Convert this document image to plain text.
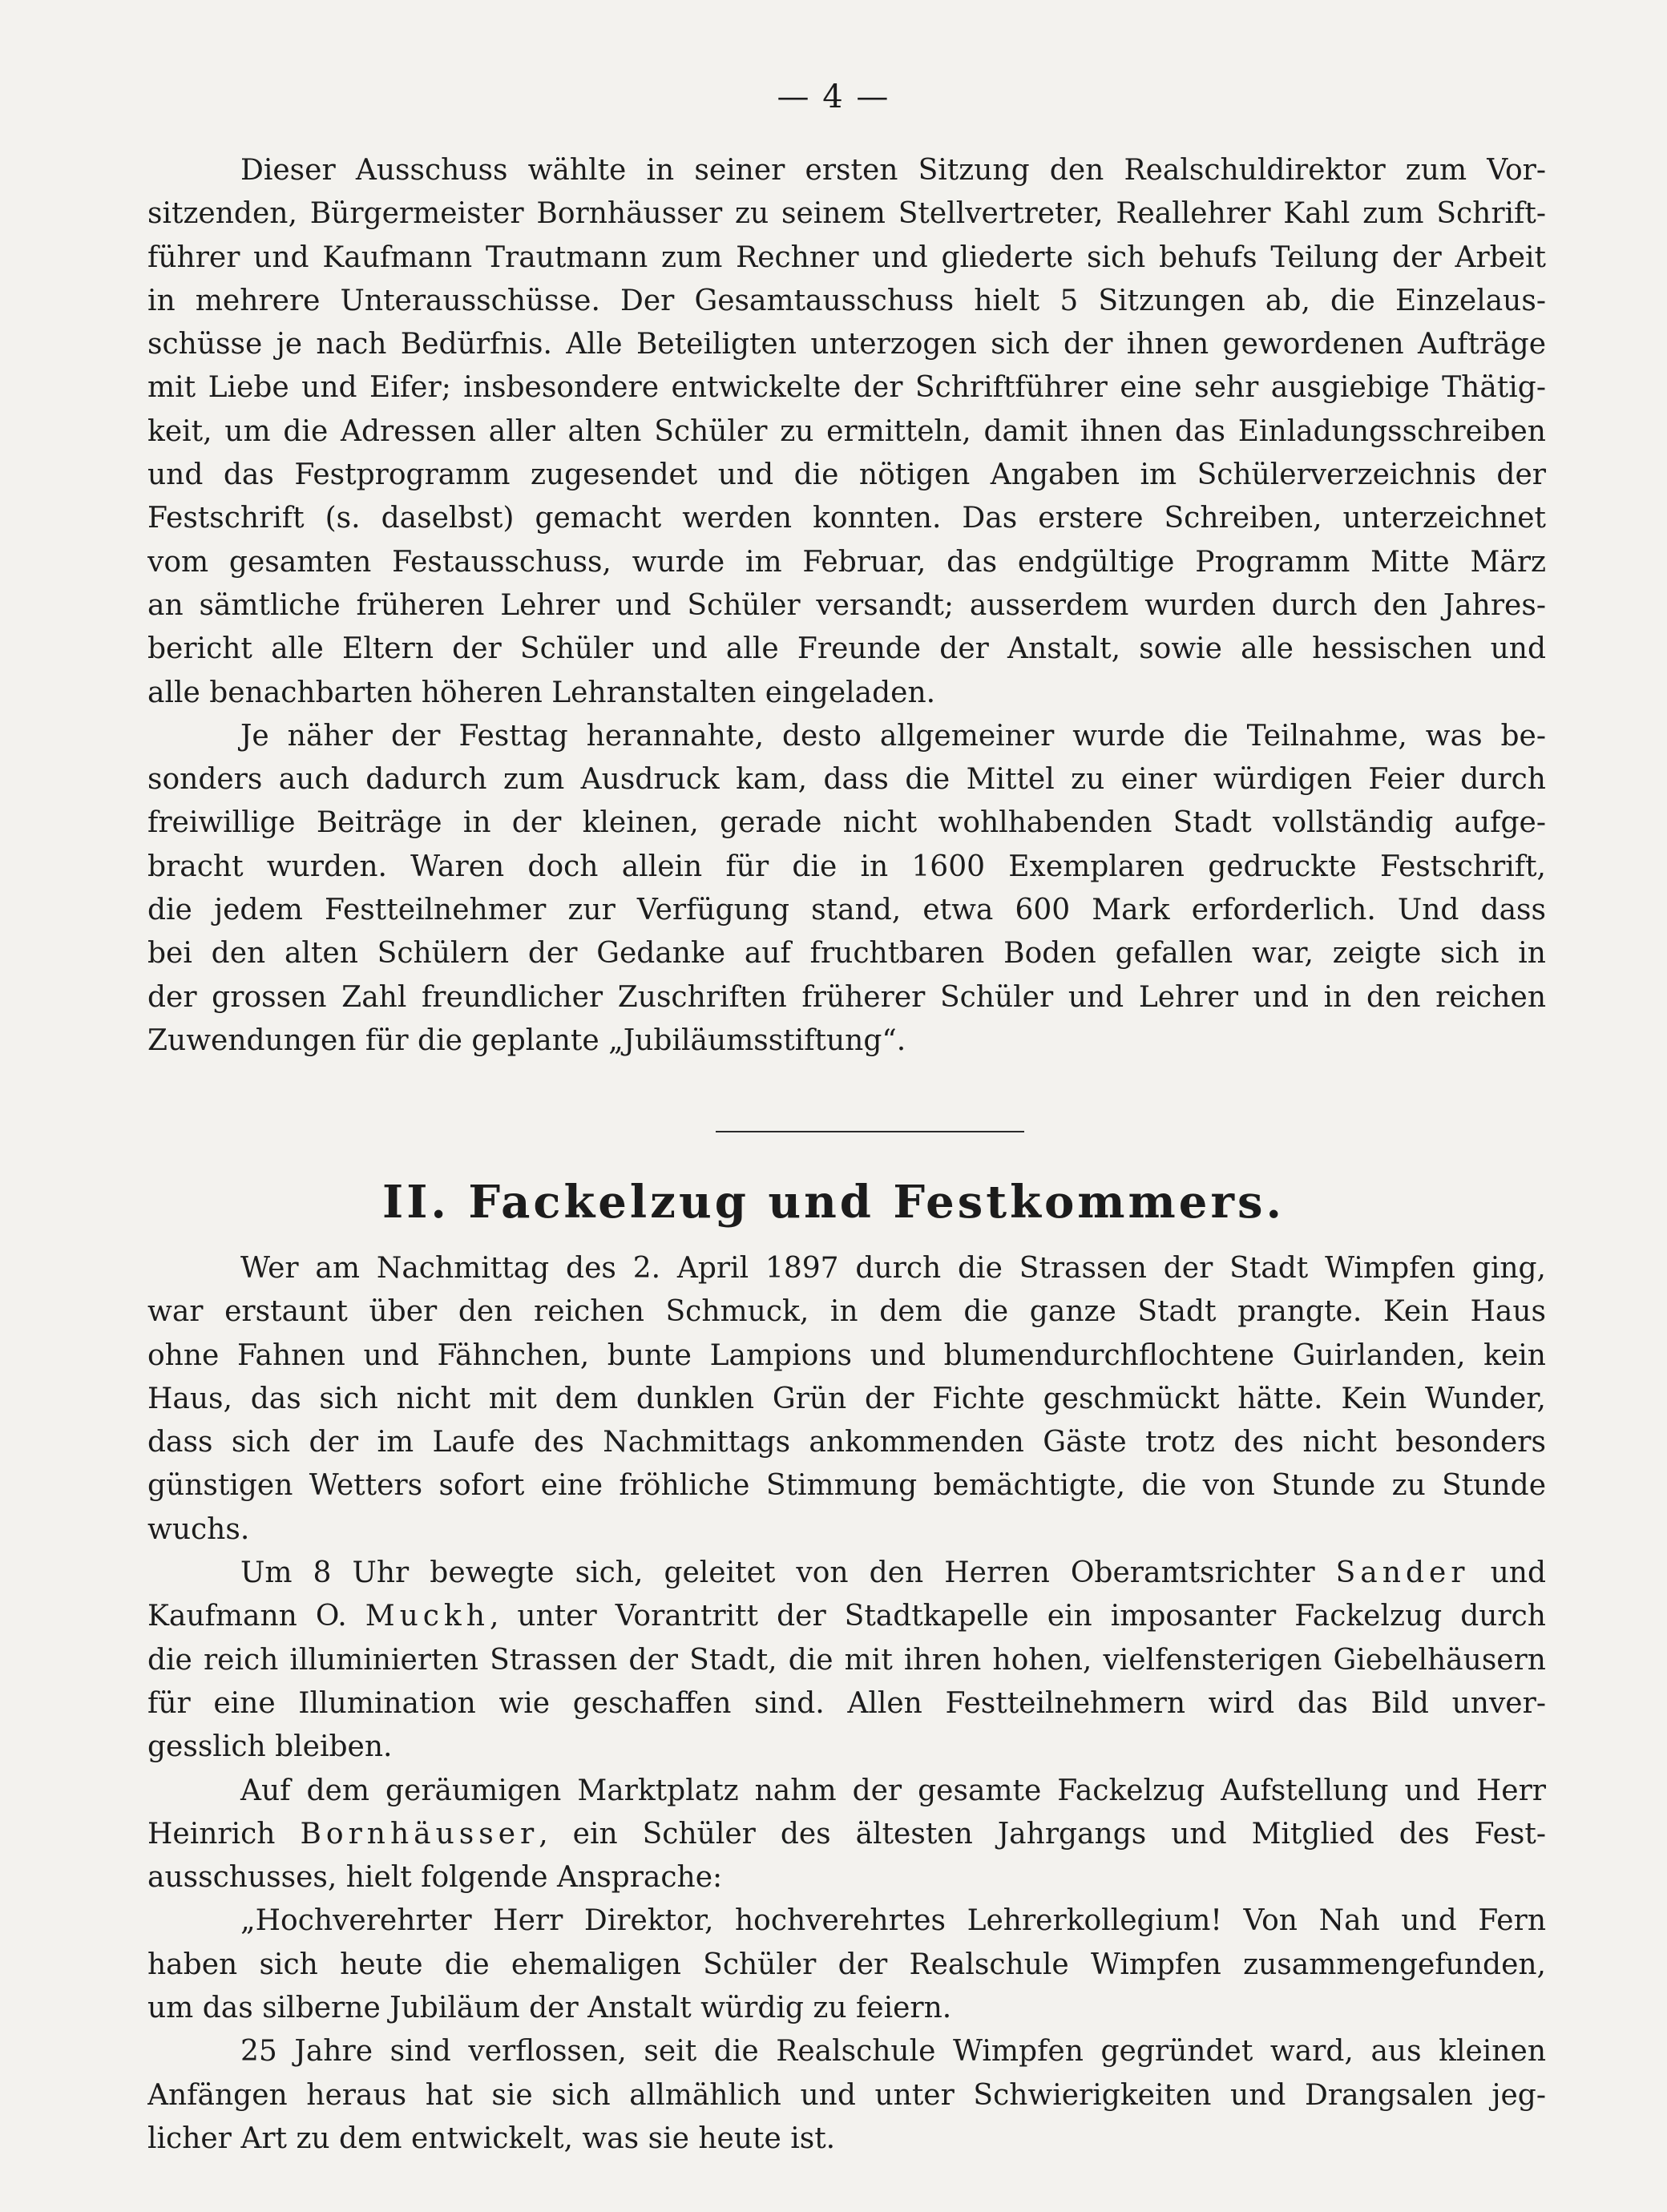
— 4 —

Dieser Ausschuss wählte in seiner ersten Sitzung den Realschuldirektor zum Vor-
sitzenden, Bürgermeister Bornhäusser zu seinem Stellvertreter, Reallehrer Kahl zum Schrift-
führer und Kaufmann Trautmann zum Rechner und gliederte sich behufs Teilung der Arbeit
in mehrere Unterausschüsse. Der Gesamtausschuss hielt 5 Sitzungen ab, die Einzelaus-
schüsse je nach Bedürfnis. Alle Beteiligten unterzogen sich der ihnen gewordenen Aufträge
mit Liebe und Eifer; insbesondere entwickelte der Schriftführer eine sehr ausgiebige Thätig-
keit, um die Adressen aller alten Schüler zu ermitteln, damit ihnen das Einladungsschreiben
und das Festprogramm zugesendet und die nötigen Angaben im Schülerverzeichnis der
Festschrift (s. daselbst) gemacht werden konnten. Das erstere Schreiben, unterzeichnet
vom gesamten Festausschuss, wurde im Februar, das endgültige Programm Mitte März
an sämtliche früheren Lehrer und Schüler versandt; ausserdem wurden durch den Jahres-
bericht alle Eltern der Schüler und alle Freunde der Anstalt, sowie alle hessischen und
alle benachbarten höheren Lehranstalten eingeladen.

Je näher der Festtag herannahte, desto allgemeiner wurde die Teilnahme, was be-
sonders auch dadurch zum Ausdruck kam, dass die Mittel zu einer würdigen Feier durch
freiwillige Beiträge in der kleinen, gerade nicht wohlhabenden Stadt vollständig aufge-
bracht wurden. Waren doch allein für die in 1600 Exemplaren gedruckte Festschrift,
die jedem Festteilnehmer zur Verfügung stand, etwa 600 Mark erforderlich. Und dass
bei den alten Schülern der Gedanke auf fruchtbaren Boden gefallen war, zeigte sich in
der grossen Zahl freundlicher Zuschriften früherer Schüler und Lehrer und in den reichen
Zuwendungen für die geplante „Jubiläumsstiftung“.

II. Fackelzug und Festkommers.

Wer am Nachmittag des 2. April 1897 durch die Strassen der Stadt Wimpfen ging,
war erstaunt über den reichen Schmuck, in dem die ganze Stadt prangte. Kein Haus
ohne Fahnen und Fähnchen, bunte Lampions und blumendurchflochtene Guirlanden, kein
Haus, das sich nicht mit dem dunklen Grün der Fichte geschmückt hätte. Kein Wunder,
dass sich der im Laufe des Nachmittags ankommenden Gäste trotz des nicht besonders
günstigen Wetters sofort eine fröhliche Stimmung bemächtigte, die von Stunde zu Stunde
wuchs.

Um 8 Uhr bewegte sich, geleitet von den Herren Oberamtsrichter Sander und
Kaufmann O. Muckh, unter Vorantritt der Stadtkapelle ein imposanter Fackelzug durch
die reich illuminierten Strassen der Stadt, die mit ihren hohen, vielfensterigen Giebelhäusern
für eine Illumination wie geschaffen sind. Allen Festteilnehmern wird das Bild unver-
gesslich bleiben.

Auf dem geräumigen Marktplatz nahm der gesamte Fackelzug Aufstellung und Herr
Heinrich Bornhäusser, ein Schüler des ältesten Jahrgangs und Mitglied des Fest-
ausschusses, hielt folgende Ansprache:

„Hochverehrter Herr Direktor, hochverehrtes Lehrerkollegium! Von Nah und Fern
haben sich heute die ehemaligen Schüler der Realschule Wimpfen zusammengefunden,
um das silberne Jubiläum der Anstalt würdig zu feiern.

25 Jahre sind verflossen, seit die Realschule Wimpfen gegründet ward, aus kleinen
Anfängen heraus hat sie sich allmählich und unter Schwierigkeiten und Drangsalen jeg-
licher Art zu dem entwickelt, was sie heute ist.
